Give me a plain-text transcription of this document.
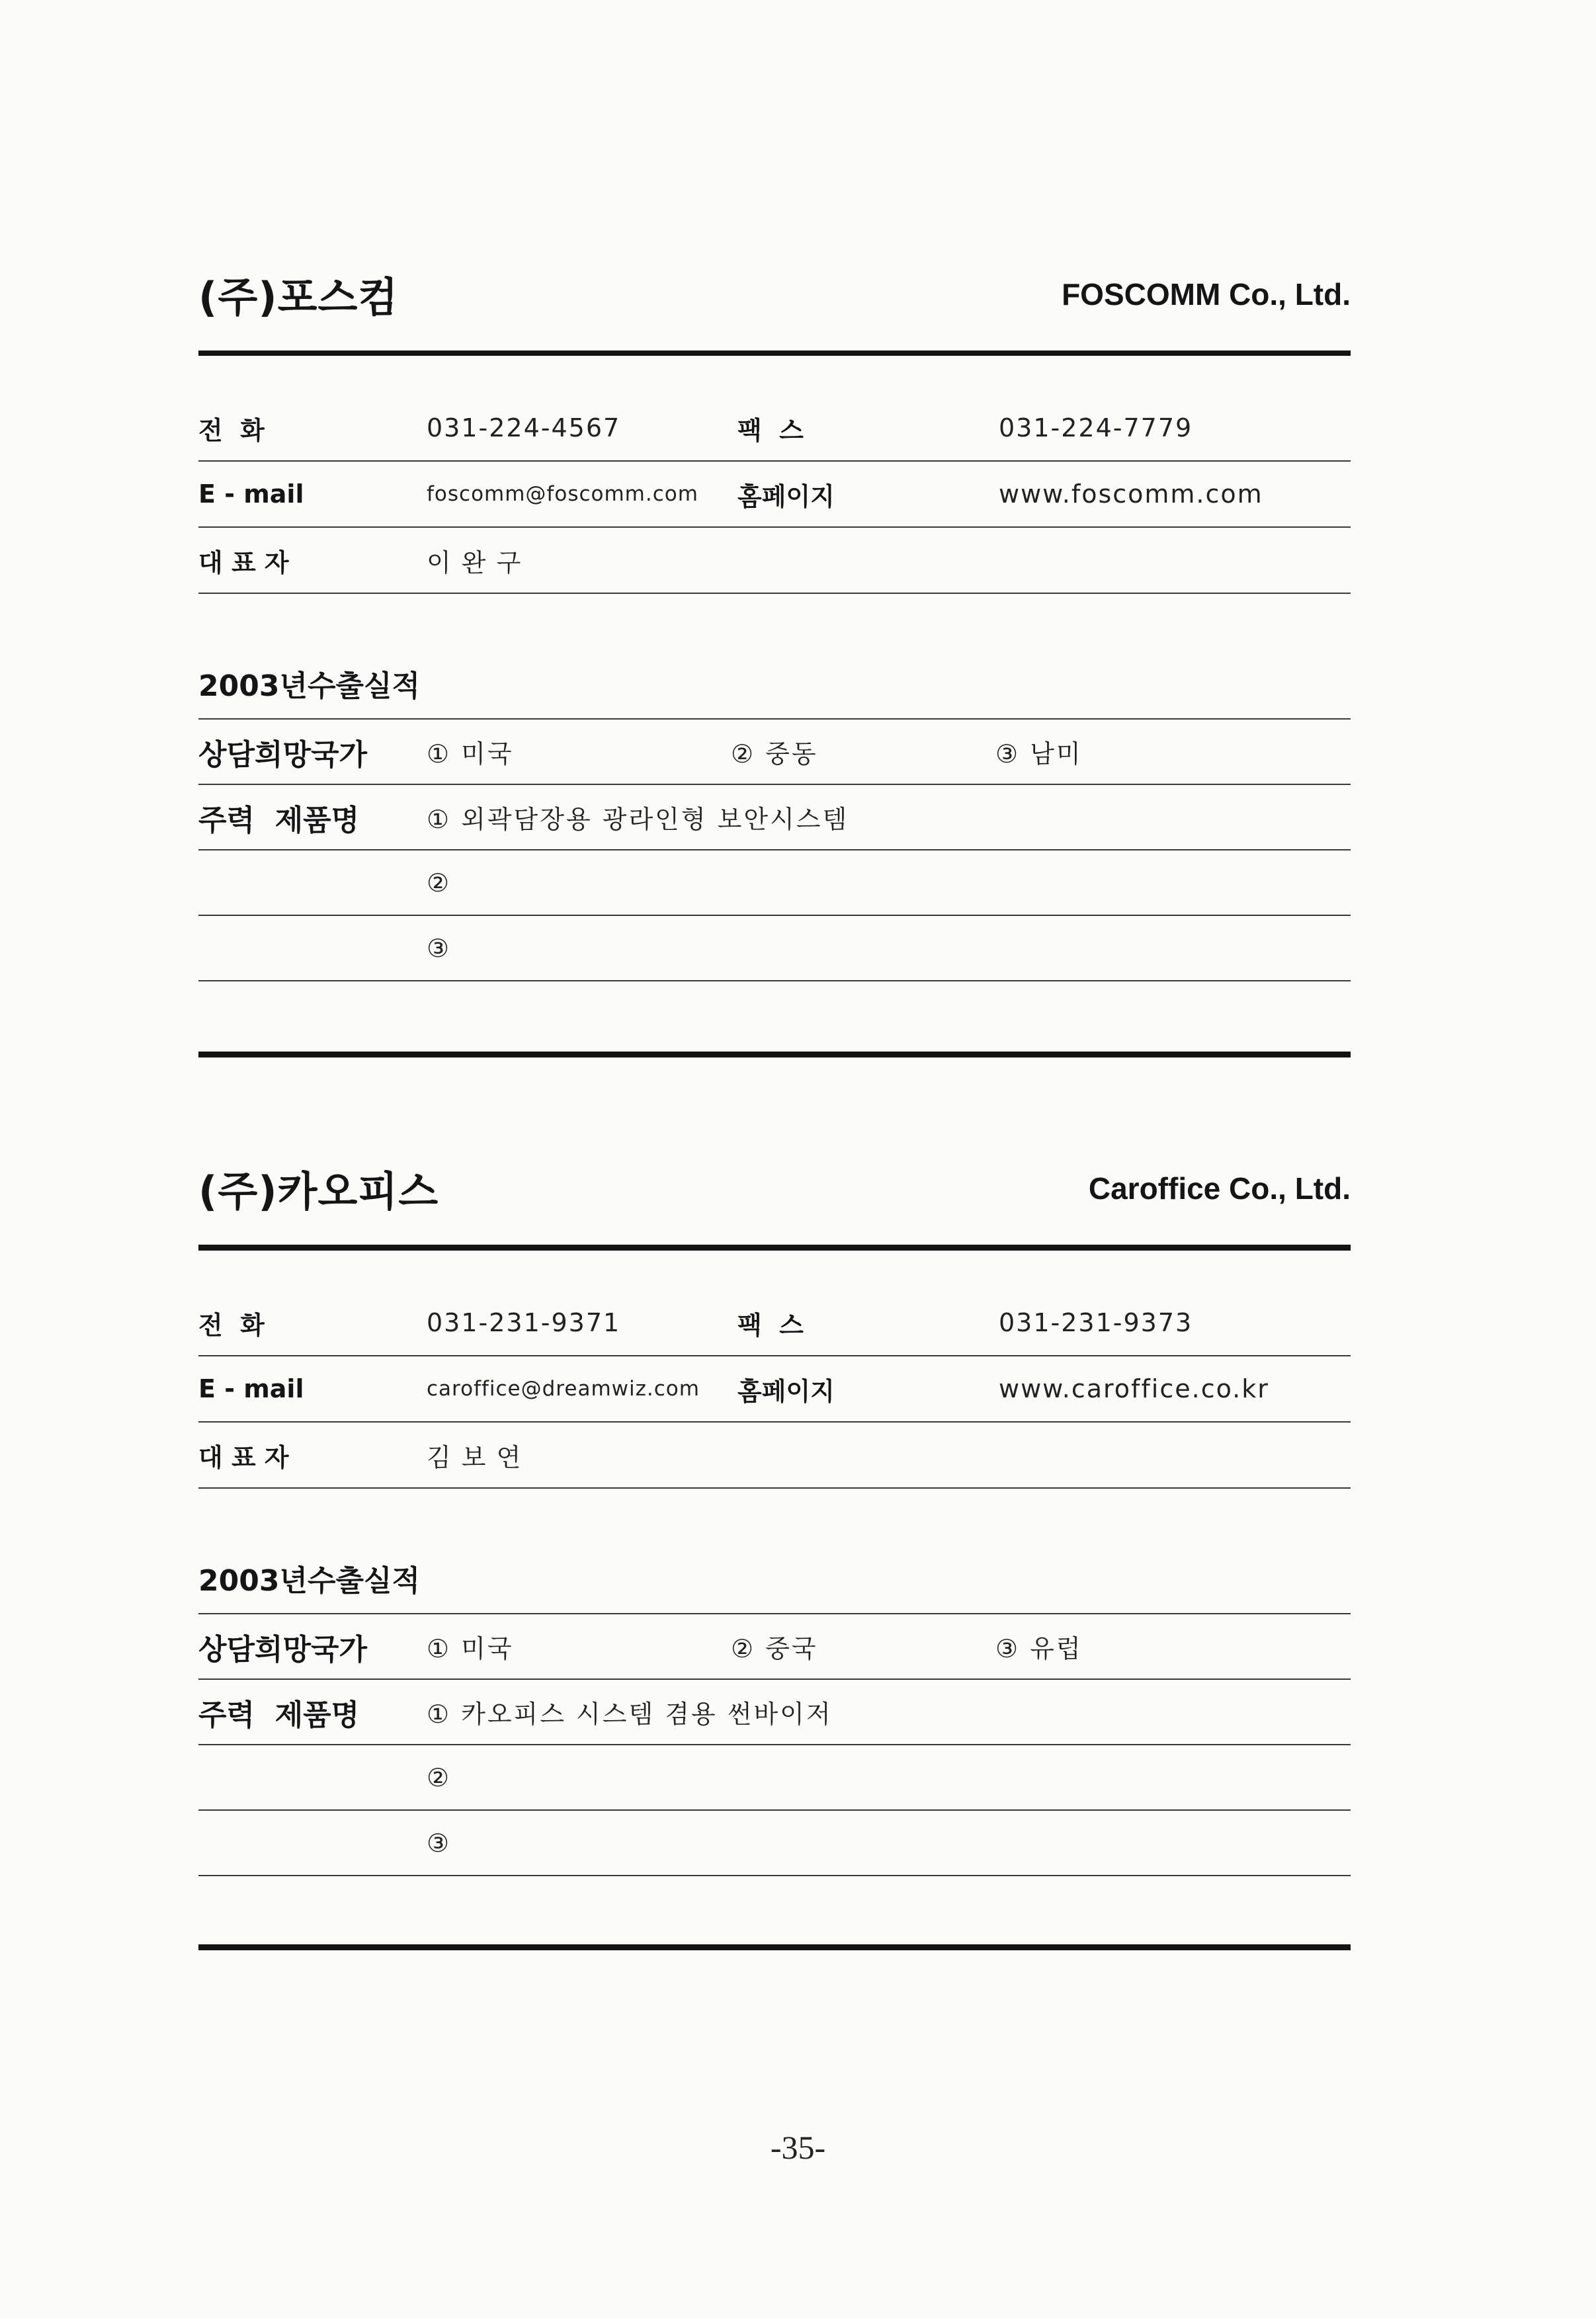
(주)포스컴	FOSCOMM Co., Ltd.
전  화	031-224-4567	팩  스	031-224-7779
E - mail	foscomm@foscomm.com	홈페이지	www.foscomm.com
대 표 자	이 완 구		
2003년수출실적
상담희망국가	① 미국	② 중동	③ 남미
주력  제품명	① 외곽담장용 광라인형 보안시스템		
	②		
	③		
(주)카오피스	Caroffice Co., Ltd.
전  화	031-231-9371	팩  스	031-231-9373
E - mail	caroffice@dreamwiz.com	홈페이지	www.caroffice.co.kr
대 표 자	김 보 연		
2003년수출실적
상담희망국가	① 미국	② 중국	③ 유럽
주력  제품명	① 카오피스 시스템 겸용 썬바이저		
	②		
	③		
-35-
